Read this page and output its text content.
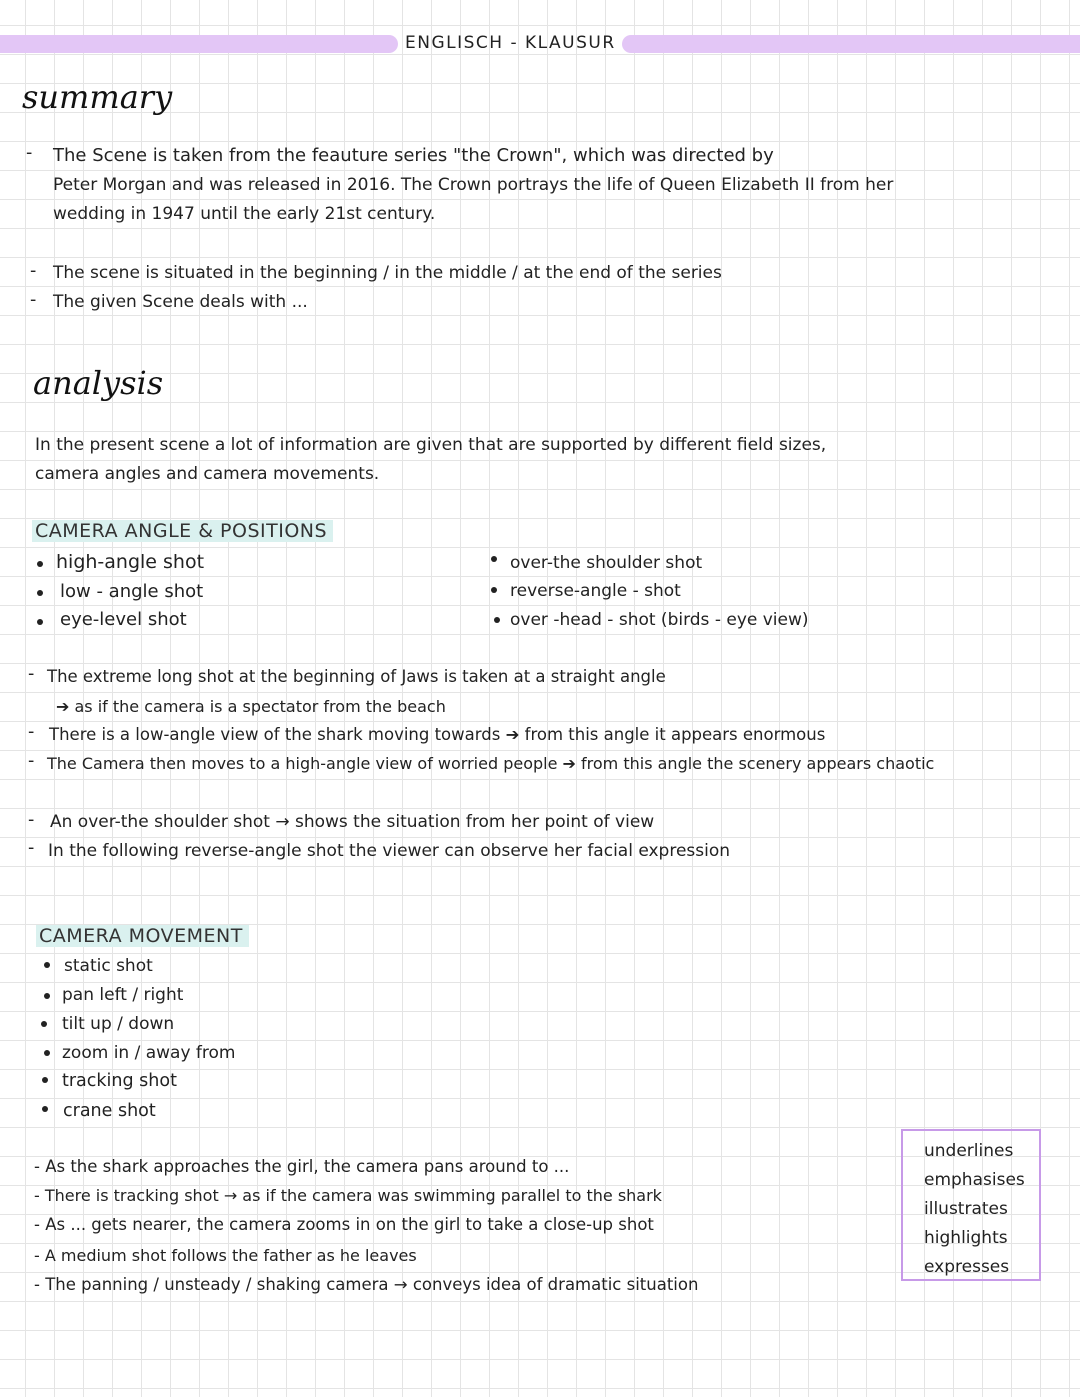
ENGLISCH - KLAUSUR
summary
- The Scene is taken from the feauture series "the Crown", which was directed by
Peter Morgan and was released in 2016. The Crown portrays the life of Queen Elizabeth II from her
wedding in 1947 until the early 21st century.
- The scene is situated in the beginning / in the middle / at the end of the series
- The given Scene deals with ...
analysis
In the present scene a lot of information are given that are supported by different field sizes,
camera angles and camera movements.
CAMERA ANGLE & POSITIONS
high-angle shot
low - angle shot
eye-level shot
over-the shoulder shot
reverse-angle - shot
over -head - shot (birds - eye view)
- The extreme long shot at the beginning of Jaws is taken at a straight angle
➔ as if the camera is a spectator from the beach
- There is a low-angle view of the shark moving towards ➔ from this angle it appears enormous
- The Camera then moves to a high-angle view of worried people ➔ from this angle the scenery appears chaotic
- An over-the shoulder shot → shows the situation from her point of view
- In the following reverse-angle shot the viewer can observe her facial expression
CAMERA MOVEMENT
static shot
pan left / right
tilt up / down
zoom in / away from
tracking shot
crane shot
- As the shark approaches the girl, the camera pans around to ...
- There is tracking shot → as if the camera was swimming parallel to the shark
- As ... gets nearer, the camera zooms in on the girl to take a close-up shot
- A medium shot follows the father as he leaves
- The panning / unsteady / shaking camera → conveys idea of dramatic situation
underlines
emphasises
illustrates
highlights
expresses
